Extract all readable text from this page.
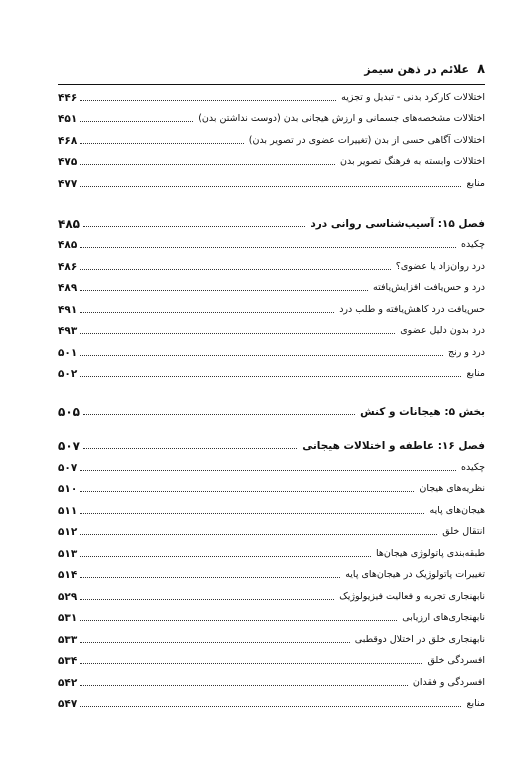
۸
علائم در ذهن سیمز
اختلالات کارکرد بدنی - تبدیل و تجزیه
۴۴۶
اختلالات مشخصه‌های جسمانی و ارزش هیجانی بدن (دوست نداشتن بدن)
۴۵۱
اختلالات آگاهی حسی از بدن (تغییرات عضوی در تصویر بدن)
۴۶۸
اختلالات وابسته به فرهنگ تصویر بدن
۴۷۵
منابع
۴۷۷
فصل ۱۵: آسیب‌شناسی روانی درد
۴۸۵
چکیده
۴۸۵
درد روان‌زاد یا عضوی؟
۴۸۶
درد و حس‌یافت افزایش‌یافته
۴۸۹
حس‌یافت درد کاهش‌یافته و طلب درد
۴۹۱
درد بدون دلیل عضوی
۴۹۳
درد و رنج
۵۰۱
منابع
۵۰۲
بخش ۵: هیجانات و کنش
۵۰۵
فصل ۱۶: عاطفه و اختلالات هیجانی
۵۰۷
چکیده
۵۰۷
نظریه‌های هیجان
۵۱۰
هیجان‌های پایه
۵۱۱
انتقال خلق
۵۱۲
طبقه‌بندی پاتولوژی هیجان‌ها
۵۱۳
تغییرات پاتولوژیک در هیجان‌های پایه
۵۱۴
نابهنجاری تجربه و فعالیت فیزیولوژیک
۵۲۹
نابهنجاری‌های ارزیابی
۵۳۱
نابهنجاری خلق در اختلال دوقطبی
۵۳۳
افسردگی خلق
۵۳۴
افسردگی و فقدان
۵۴۲
منابع
۵۴۷
